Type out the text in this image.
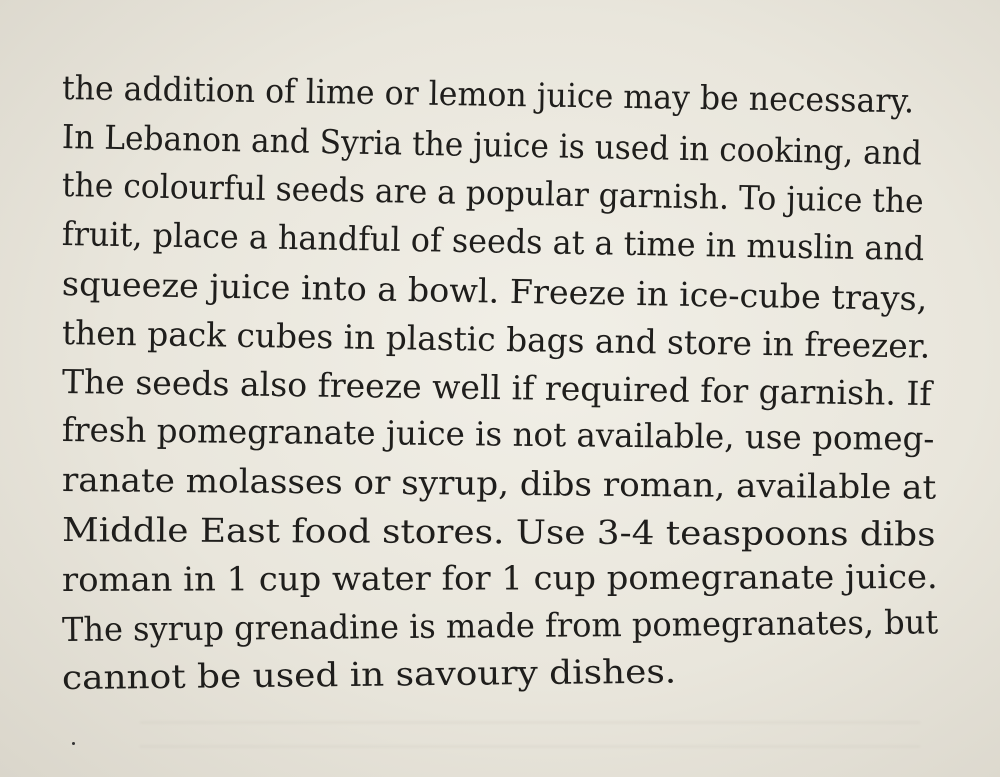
the addition of lime or lemon juice may be necessary.
In Lebanon and Syria the juice is used in cooking, and
the colourful seeds are a popular garnish. To juice the
fruit, place a handful of seeds at a time in muslin and
squeeze juice into a bowl. Freeze in ice-cube trays,
then pack cubes in plastic bags and store in freezer.
The seeds also freeze well if required for garnish. If
fresh pomegranate juice is not available, use pomeg-
ranate molasses or syrup, dibs roman, available at
Middle East food stores. Use 3-4 teaspoons dibs
roman in 1 cup water for 1 cup pomegranate juice.
The syrup grenadine is made from pomegranates, but
cannot be used in savoury dishes.
